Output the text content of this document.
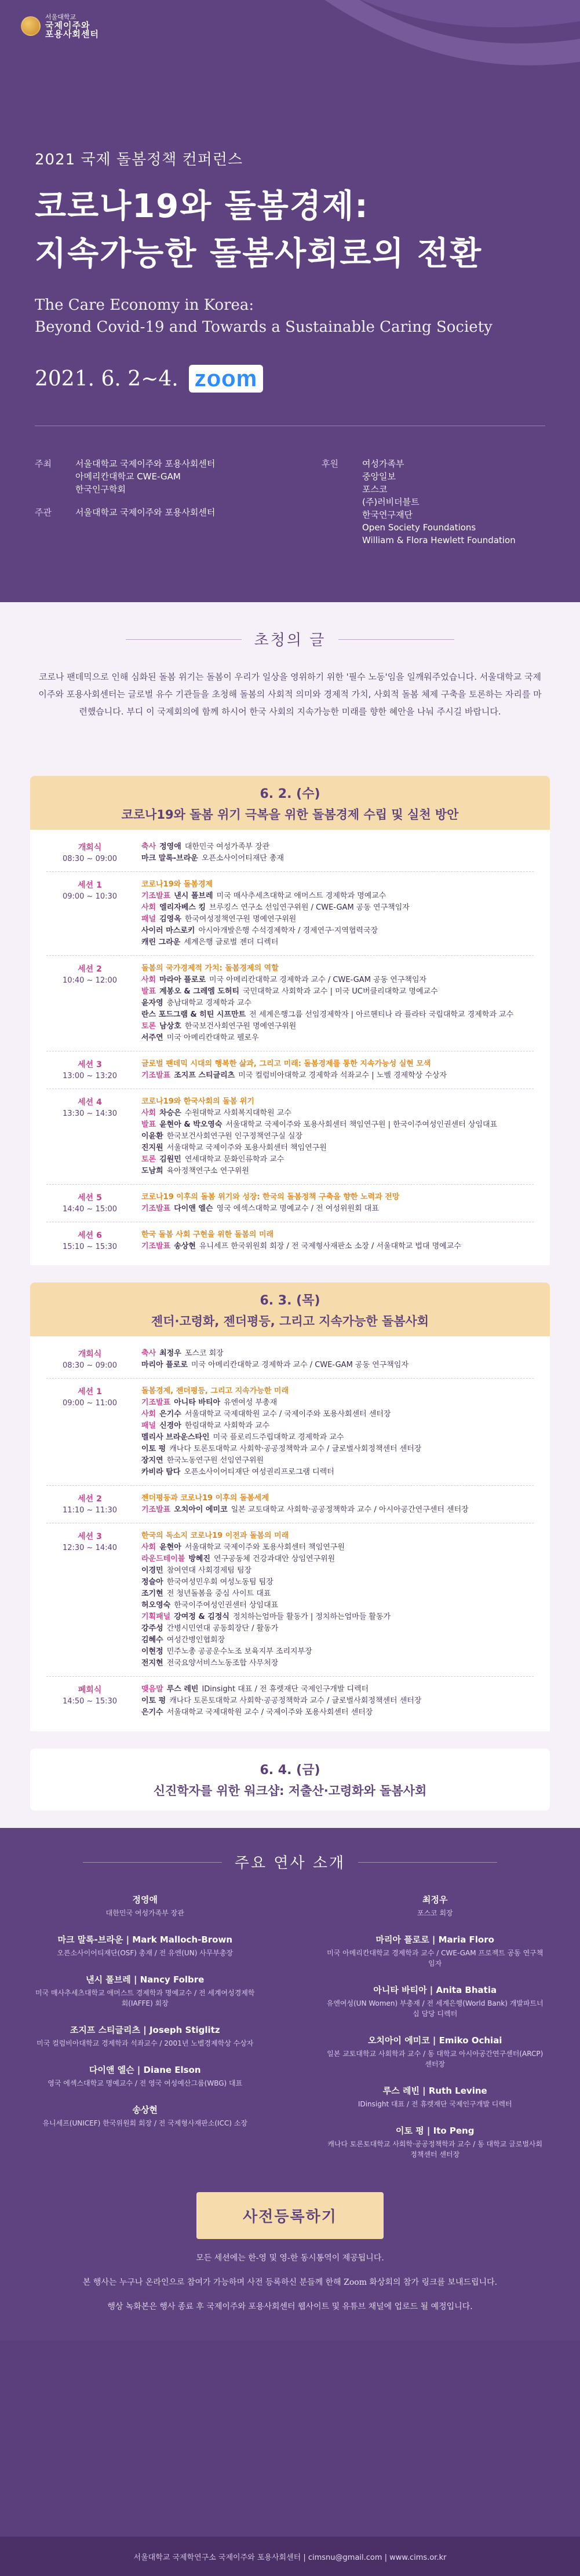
서울대학교
국제이주와
포용사회센터
2021 국제 돌봄정책 컨퍼런스
코로나19와 돌봄경제:
지속가능한 돌봄사회로의 전환
The Care Economy in Korea:
Beyond Covid-19 and Towards a Sustainable Caring Society
2021. 6. 2~4. zoom
주최	서울대학교 국제이주와 포용사회센터
아메리칸대학교 CWE-GAM
한국인구학회
주관	서울대학교 국제이주와 포용사회센터
후원	여성가족부
중앙일보
포스코
(주)러비더블트
한국연구재단
Open Society Foundations
William & Flora Hewlett Foundation
초청의 글

코로나 팬데믹으로 인해 심화된 돌봄 위기는 돌봄이 우리가 일상을 영위하기 위한 '필수 노동'임을 일깨워주었습니다. 서울대학교 국제이주와 포용사회센터는 글로벌 유수 기관들을 초청해 돌봄의 사회적 의미와 경제적 가치, 사회적 돌봄 체제 구축을 토론하는 자리를 마련했습니다. 부디 이 국제회의에 함께 하시어 한국 사회의 지속가능한 미래를 향한 혜안을 나눠 주시길 바랍니다.

6. 2. (수)
코로나19와 돌봄 위기 극복을 위한 돌봄경제 수립 및 실천 방안
개회식
08:30 ~ 09:00
축사 정영애 대한민국 여성가족부 장관
마크 말록-브라운 오픈소사이어티재단 총재
세션 1
09:00 ~ 10:30
코로나19와 돌봄경제
기조발표 낸시 폴브레 미국 매사추세츠대학교 애머스트 경제학과 명예교수
사회 엘리자베스 킹 브루킹스 연구소 선임연구위원 / CWE-GAM 공동 연구책임자
패널 김영옥 한국여성정책연구원 명예연구위원
사이러 마스로키 아시아개발은행 수석경제학자 / 경제연구·지역협력국장
캐린 그라운 세계은행 글로벌 젠더 디렉터
세션 2
10:40 ~ 12:00
돌봄의 국가경제적 가치: 돌봄경제의 역할
사회 마라아 플로로 미국 아메리칸대학교 경제학과 교수 / CWE-GAM 공동 연구책임자
발표 계봉오 & 그레엠 도허티 국민대학교 사회학과 교수 | 미국 UC버클리대학교 명예교수
윤자영 충남대학교 경제학과 교수
란스 포드그램 & 히틴 시프만트 전 세계은행그룹 선임경제학자 | 아르헨티나 라 플라타 국립대학교 경제학과 교수
토론 남상호 한국보건사회연구원 명예연구위원
서주연 미국 아메리칸대학교 펠로우
세션 3
13:00 ~ 13:20
글로벌 팬데믹 시대의 행복한 삶과, 그리고 미래: 돌봄경제를 통한 지속가능성 실현 모색
기조발표 조지프 스티글리츠 미국 컬럼비아대학교 경제학과 석좌교수 | 노벨 경제학상 수상자
세션 4
13:30 ~ 14:30
코로나19와 한국사회의 돌봄 위기
사회 차승은 수원대학교 사회복지대학원 교수
발표 윤현아 & 박오영숙 서울대학교 국제이주와 포용사회센터 책임연구원 | 한국이주여성인권센터 상임대표
이윤환 한국보건사회연구원 인구정책연구실 실장
진지원 서울대학교 국제이주와 포용사회센터 책임연구원
토론 김원민 연세대학교 문화인류학과 교수
도남희 육아정책연구소 연구위원
세션 5
14:40 ~ 15:00
코로나19 이후의 돌봄 위기와 성장: 한국의 돌봄정책 구축을 향한 노력과 전망
기조발표 다이앤 엘슨 영국 에섹스대학교 명예교수 / 전 여성위원회 대표
세션 6
15:10 ~ 15:30
한국 돌봄 사회 구현을 위한 돌봄의 미래
기조발표 송상현 유니세프 한국위원회 회장 / 전 국제형사재판소 소장 / 서울대학교 법대 명예교수
6. 3. (목)
젠더·고령화, 젠더평등, 그리고 지속가능한 돌봄사회
개회식
08:30 ~ 09:00
축사 최정우 포스코 회장
마리아 플로로 미국 아메리칸대학교 경제학과 교수 / CWE-GAM 공동 연구책임자
세션 1
09:00 ~ 11:00
돌봄경제, 젠더평등, 그리고 지속가능한 미래
기조발표 아니타 바티아 유엔여성 부총재
사회 은기수 서울대학교 국제대학원 교수 / 국제이주와 포용사회센터 센터장
패널 신경아 한림대학교 사회학과 교수
멜리사 브라운스타인 미국 플로리드주립대학교 경제학과 교수
이토 펑 캐나다 토론토대학교 사회학·공공정책학과 교수 / 글로벌사회정책센터 센터장
장지연 한국노동연구원 선임연구위원
카비라 탐다 오픈소사이어티재단 여성권리프로그램 디렉터
세션 2
11:10 ~ 11:30
젠더평등과 코로나19 이후의 돌봄세계
기조발표 오치아이 에미코 일본 교토대학교 사회학·공공정책학과 교수 / 아시아공간연구센터 센터장
세션 3
12:30 ~ 14:40
한국의 독소지 코로나19 이전과 돌봄의 미래
사회 윤현아 서울대학교 국제이주와 포용사회센터 책임연구원
라운드테이블 방혜진 연구공동체 건강과대안 상임연구위원
이경민 참여연대 사회경제팀 팀장
정슬아 한국여성민우회 여성노동팀 팀장
조기현 전 청년돌봄을 중심 사이트 대표
허오영숙 한국이주여성인권센터 상임대표
기획패널 강여정 & 김정식 정치하는엄마들 활동가 | 정치하는엄마들 활동가
강주성 간병시민연대 공동회장단 / 활동가
김혜수 여성간병인협회장
이현정 민주노총 공공운수노조 보육지부 조리지부장
전지현 전국요양서비스노동조합 사무처장
폐회식
14:50 ~ 15:30
맺음말 루스 레빈 IDinsight 대표 / 전 휴렛재단 국제인구개발 디렉터
이토 펑 캐나다 토론토대학교 사회학·공공정책학과 교수 / 글로벌사회정책센터 센터장
은기수 서울대학교 국제대학원 교수 / 국제이주와 포용사회센터 센터장
6. 4. (금)
신진학자를 위한 워크샵: 저출산·고령화와 돌봄사회
주요 연사 소개
정영애
대한민국 여성가족부 장관
마크 말록-브라운 | Mark Malloch-Brown
오픈소사이어티재단(OSF) 총재 / 전 유엔(UN) 사무부총장
낸시 폴브레 | Nancy Folbre
미국 매사추세츠대학교 애머스트 경제학과 명예교수 / 전 세계여성경제학회(IAFFE) 회장
조지프 스티글리츠 | Joseph Stiglitz
미국 컬럼비아대학교 경제학과 석좌교수 / 2001년 노벨경제학상 수상자
다이앤 엘슨 | Diane Elson
영국 에섹스대학교 명예교수 / 전 영국 여성예산그룹(WBG) 대표
송상현
유니세프(UNICEF) 한국위원회 회장 / 전 국제형사재판소(ICC) 소장
최정우
포스코 회장
마리아 플로로 | Maria Floro
미국 아메리칸대학교 경제학과 교수 / CWE-GAM 프로젝트 공동 연구책임자
아니타 바티아 | Anita Bhatia
유엔여성(UN Women) 부총재 / 전 세계은행(World Bank) 개발파트너십 담당 디렉터
오치아이 에미코 | Emiko Ochiai
일본 교토대학교 사회학과 교수 / 동 대학교 아시아공간연구센터(ARCP) 센터장
루스 레빈 | Ruth Levine
IDinsight 대표 / 전 휴렛재단 국제인구개발 디렉터
이토 펑 | Ito Peng
캐나다 토론토대학교 사회학·공공정책학과 교수 / 동 대학교 글로벌사회정책센터 센터장
사전등록하기

모든 세션에는 한-영 및 영-한 동시통역이 제공됩니다.

본 행사는 누구나 온라인으로 참여가 가능하며 사전 등록하신 분들께 한해 Zoom 화상회의 참가 링크를 보내드립니다.

행상 녹화본은 행사 종료 후 국제이주와 포용사회센터 웹사이트 및 유튜브 채널에 업로드 될 예정입니다.

서울대학교 국제학연구소 국제이주와 포용사회센터 | cimsnu@gmail.com | www.cims.or.kr
